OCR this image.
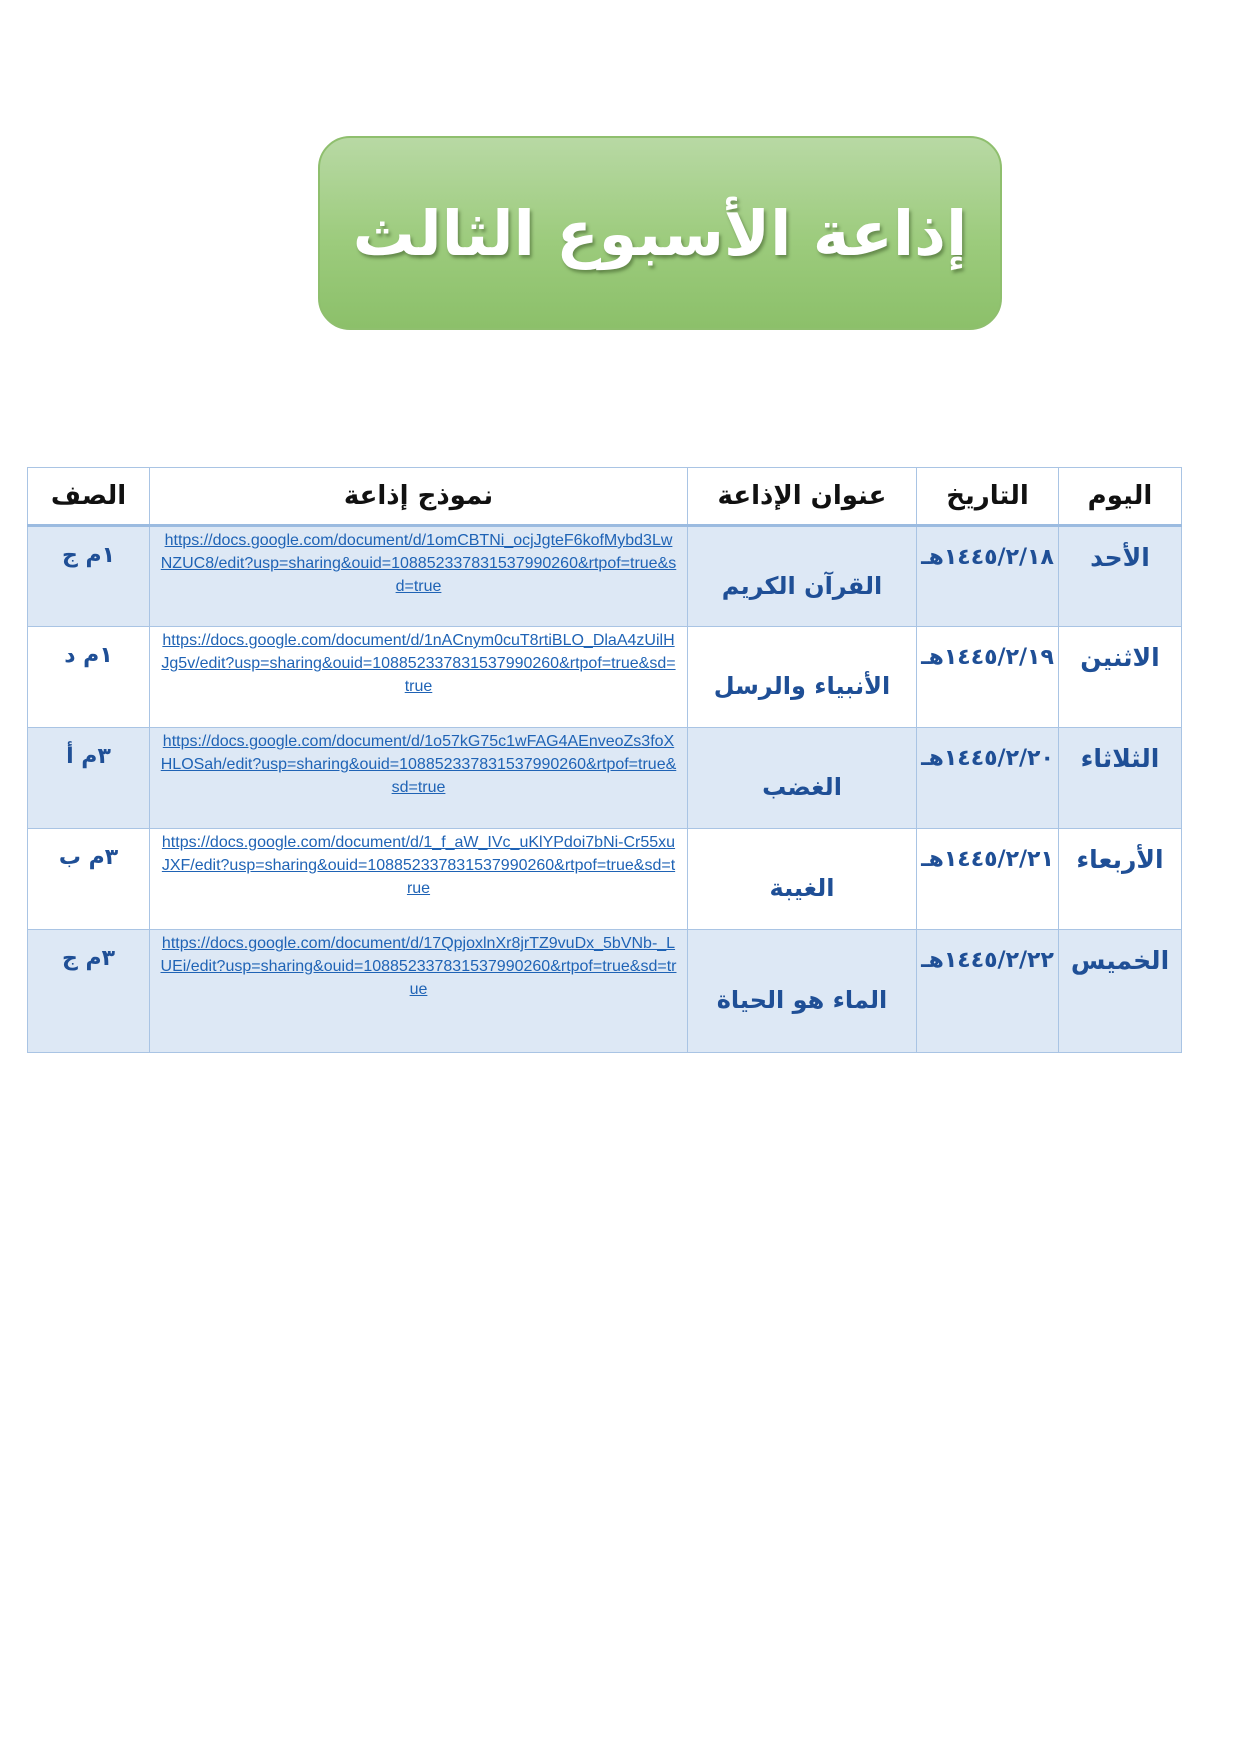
إذاعة الأسبوع الثالث
اليوم	التاريخ	عنوان الإذاعة	نموذج إذاعة	الصف
الأحد	١٤٤٥/٢/١٨هـ	القرآن الكريم	https://docs.google.com/document/d/1omCBTNi_ocjJgteF6kofMybd3LwNZUC8/edit?usp=sharing&ouid=108852337831537990260&rtpof=true&sd=true	١م ج
الاثنين	١٤٤٥/٢/١٩هـ	الأنبياء والرسل	https://docs.google.com/document/d/1nACnym0cuT8rtiBLO_DlaA4zUilHJg5v/edit?usp=sharing&ouid=108852337831537990260&rtpof=true&sd=true	١م د
الثلاثاء	١٤٤٥/٢/٢٠هـ	الغضب	https://docs.google.com/document/d/1o57kG75c1wFAG4AEnveoZs3foXHLOSah/edit?usp=sharing&ouid=108852337831537990260&rtpof=true&sd=true	٣م أ
الأربعاء	١٤٤٥/٢/٢١هـ	الغيبة	https://docs.google.com/document/d/1_f_aW_IVc_uKlYPdoi7bNi-Cr55xuJXF/edit?usp=sharing&ouid=108852337831537990260&rtpof=true&sd=true	٣م ب
الخميس	١٤٤٥/٢/٢٢هـ	الماء هو الحياة	https://docs.google.com/document/d/17QpjoxlnXr8jrTZ9vuDx_5bVNb-_LUEi/edit?usp=sharing&ouid=108852337831537990260&rtpof=true&sd=true	٣م ج
